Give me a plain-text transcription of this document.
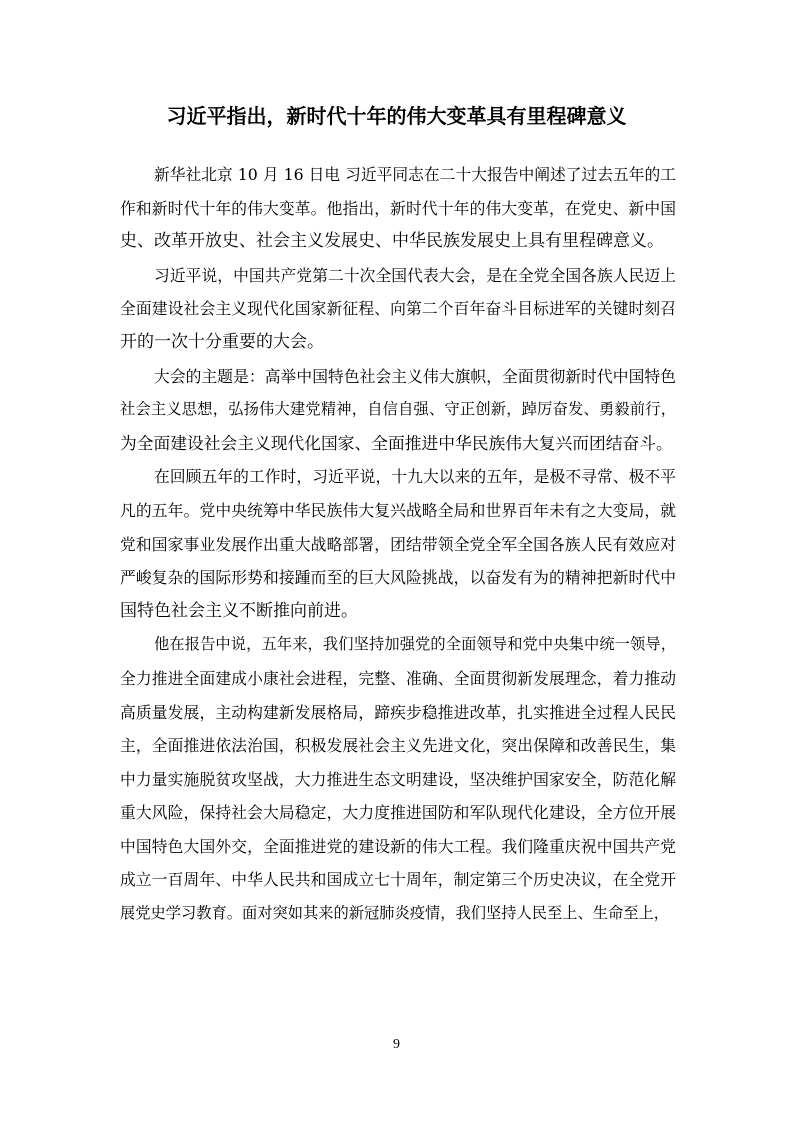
习近平指出，新时代十年的伟大变革具有里程碑意义

新华社北京 10 月 16 日电 习近平同志在二十大报告中阐述了过去五年的工
作和新时代十年的伟大变革。他指出，新时代十年的伟大变革，在党史、新中国
史、改革开放史、社会主义发展史、中华民族发展史上具有里程碑意义。

习近平说，中国共产党第二十次全国代表大会，是在全党全国各族人民迈上
全面建设社会主义现代化国家新征程、向第二个百年奋斗目标进军的关键时刻召
开的一次十分重要的大会。

大会的主题是：高举中国特色社会主义伟大旗帜，全面贯彻新时代中国特色
社会主义思想，弘扬伟大建党精神，自信自强、守正创新，踔厉奋发、勇毅前行，
为全面建设社会主义现代化国家、全面推进中华民族伟大复兴而团结奋斗。

在回顾五年的工作时，习近平说，十九大以来的五年，是极不寻常、极不平
凡的五年。党中央统筹中华民族伟大复兴战略全局和世界百年未有之大变局，就
党和国家事业发展作出重大战略部署，团结带领全党全军全国各族人民有效应对
严峻复杂的国际形势和接踵而至的巨大风险挑战，以奋发有为的精神把新时代中
国特色社会主义不断推向前进。

他在报告中说，五年来，我们坚持加强党的全面领导和党中央集中统一领导，
全力推进全面建成小康社会进程，完整、准确、全面贯彻新发展理念，着力推动
高质量发展，主动构建新发展格局，蹄疾步稳推进改革，扎实推进全过程人民民
主，全面推进依法治国，积极发展社会主义先进文化，突出保障和改善民生，集
中力量实施脱贫攻坚战，大力推进生态文明建设，坚决维护国家安全，防范化解
重大风险，保持社会大局稳定，大力度推进国防和军队现代化建设，全方位开展
中国特色大国外交，全面推进党的建设新的伟大工程。我们隆重庆祝中国共产党
成立一百周年、中华人民共和国成立七十周年，制定第三个历史决议，在全党开
展党史学习教育。面对突如其来的新冠肺炎疫情，我们坚持人民至上、生命至上，

9
